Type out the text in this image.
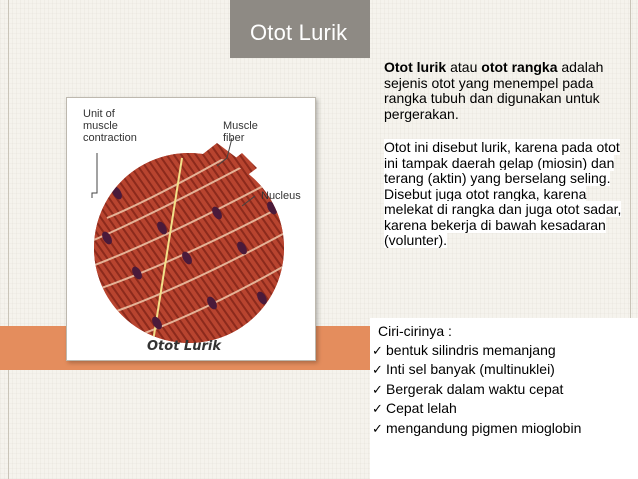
Otot Lurik
Unit of
muscle
contraction
Muscle
fiber
Nucleus
Otot Lurik

Otot lurik atau otot rangka adalah sejenis otot yang menempel pada rangka tubuh dan digunakan untuk pergerakan.

Otot ini disebut lurik, karena pada otot ini tampak daerah gelap (miosin) dan terang (aktin) yang berselang seling. Disebut juga otot rangka, karena melekat di rangka dan juga otot sadar, karena bekerja di bawah kesadaran (volunter).

Ciri-cirinya :
✓ bentuk silindris memanjang
✓ Inti sel banyak (multinuklei)
✓ Bergerak dalam waktu cepat
✓ Cepat lelah
✓ mengandung pigmen mioglobin
